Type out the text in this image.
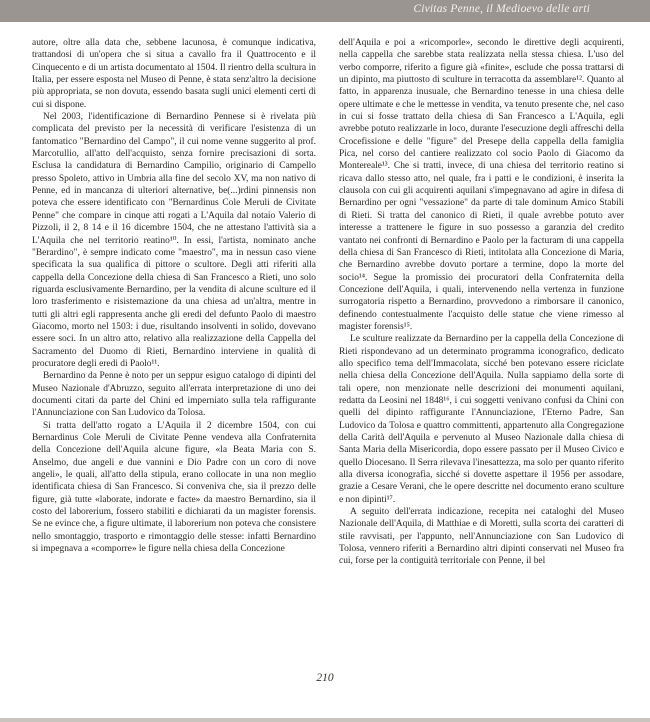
Civitas Penne, il Medioevo delle arti

autore, oltre alla data che, sebbene lacunosa, è comunque indicativa, trattandosi di un'opera che si situa a cavallo fra il Quattrocento e il Cinquecento e di un artista documentato al 1504. Il rientro della scultura in Italia, per essere esposta nel Museo di Penne, è stata senz'altro la decisione più appropriata, se non dovuta, essendo basata sugli unici elementi certi di cui si dispone.

Nel 2003, l'identificazione di Bernardino Pennese si è rivelata più complicata del previsto per la necessità di verificare l'esistenza di un fantomatico "Bernardino del Campo", il cui nome venne suggerito al prof. Marcotullio, all'atto dell'acquisto, senza fornire precisazioni di sorta. Esclusa la candidatura di Bernardino Campilio, originario di Campello presso Spoleto, attivo in Umbria alla fine del secolo XV, ma non nativo di Penne, ed in mancanza di ulteriori alternative, be(...)rdini pinnensis non poteva che essere identificato con "Bernardinus Cole Meruli de Civitate Penne" che compare in cinque atti rogati a L'Aquila dal notaio Valerio di Pizzoli, il 2, 8 14 e il 16 dicembre 1504, che ne attestano l'attività sia a L'Aquila che nel territorio reatino¹⁰. In essi, l'artista, nominato anche "Berardino", è sempre indicato come "maestro", ma in nessun caso viene specificata la sua qualifica di pittore o scultore. Degli atti riferiti alla cappella della Concezione della chiesa di San Francesco a Rieti, uno solo riguarda esclusivamente Bernardino, per la vendita di alcune sculture ed il loro trasferimento e risistemazione da una chiesa ad un'altra, mentre in tutti gli altri egli rappresenta anche gli eredi del defunto Paolo di maestro Giacomo, morto nel 1503: i due, risultando insolventi in solido, dovevano essere soci. In un altro atto, relativo alla realizzazione della Cappella del Sacramento del Duomo di Rieti, Bernardino interviene in qualità di procuratore degli eredi di Paolo¹¹.

Bernardino da Penne è noto per un seppur esiguo catalogo di dipinti del Museo Nazionale d'Abruzzo, seguito all'errata interpretazione di uno dei documenti citati da parte del Chini ed imperniato sulla tela raffigurante l'Annunciazione con San Ludovico da Tolosa.

Si tratta dell'atto rogato a L'Aquila il 2 dicembre 1504, con cui Bernardinus Cole Meruli de Civitate Penne vendeva alla Confraternita della Concezione dell'Aquila alcune figure, «la Beata Maria con S. Anselmo, due angeli e due vannini e Dio Padre con un coro di nove angeli», le quali, all'atto della stipula, erano collocate in una non meglio identificata chiesa di San Francesco. Si conveniva che, sia il prezzo delle figure, già tutte «laborate, indorate e facte» da maestro Bernardino, sia il costo del laborerium, fossero stabiliti e dichiarati da un magister forensis. Se ne evince che, a figure ultimate, il laborerium non poteva che consistere nello smontaggio, trasporto e rimontaggio delle stesse: infatti Bernardino si impegnava a «comporre» le figure nella chiesa della Concezione

dell'Aquila e poi a «ricomporle», secondo le direttive degli acquirenti, nella cappella che sarebbe stata realizzata nella stessa chiesa. L'uso del verbo comporre, riferito a figure già «finite», esclude che possa trattarsi di un dipinto, ma piuttosto di sculture in terracotta da assemblare¹². Quanto al fatto, in apparenza inusuale, che Bernardino tenesse in una chiesa delle opere ultimate e che le mettesse in vendita, va tenuto presente che, nel caso in cui si fosse trattato della chiesa di San Francesco a L'Aquila, egli avrebbe potuto realizzarle in loco, durante l'esecuzione degli affreschi della Crocefissione e delle "figure" del Presepe della cappella della famiglia Pica, nel corso del cantiere realizzato col socio Paolo di Giacomo da Montereale¹³. Che si tratti, invece, di una chiesa del territorio reatino si ricava dallo stesso atto, nel quale, fra i patti e le condizioni, è inserita la clausola con cui gli acquirenti aquilani s'impegnavano ad agire in difesa di Bernardino per ogni "vessazione" da parte di tale dominum Amico Stabili di Rieti. Si tratta del canonico di Rieti, il quale avrebbe potuto aver interesse a trattenere le figure in suo possesso a garanzia del credito vantato nei confronti di Bernardino e Paolo per la facturam di una cappella della chiesa di San Francesco di Rieti, intitolata alla Concezione di Maria, che Bernardino avrebbe dovuto portare a termine, dopo la morte del socio¹⁴. Segue la promissio dei procuratori della Confraternita della Concezione dell'Aquila, i quali, intervenendo nella vertenza in funzione surrogatoria rispetto a Bernardino, provvedono a rimborsare il canonico, definendo contestualmente l'acquisto delle statue che viene rimesso al magister forensis¹⁵.

Le sculture realizzate da Bernardino per la cappella della Concezione di Rieti rispondevano ad un determinato programma iconografico, dedicato allo specifico tema dell'Immacolata, sicché ben potevano essere riciclate nella chiesa della Concezione dell'Aquila. Nulla sappiamo della sorte di tali opere, non menzionate nelle descrizioni dei monumenti aquilani, redatta da Leosini nel 1848¹⁶, i cui soggetti venivano confusi da Chini con quelli del dipinto raffigurante l'Annunciazione, l'Eterno Padre, San Ludovico da Tolosa e quattro committenti, appartenuto alla Congregazione della Carità dell'Aquila e pervenuto al Museo Nazionale dalla chiesa di Santa Maria della Misericordia, dopo essere passato per il Museo Civico e quello Diocesano. Il Serra rilevava l'inesattezza, ma solo per quanto riferito alla diversa iconografia, sicché si dovette aspettare il 1956 per assodare, grazie a Cesare Verani, che le opere descritte nel documento erano sculture e non dipinti¹⁷.

A seguito dell'errata indicazione, recepita nei cataloghi del Museo Nazionale dell'Aquila, di Matthiae e di Moretti, sulla scorta dei caratteri di stile ravvisati, per l'appunto, nell'Annunciazione con San Ludovico di Tolosa, vennero riferiti a Bernardino altri dipinti conservati nel Museo fra cui, forse per la contiguità territoriale con Penne, il bel

210
